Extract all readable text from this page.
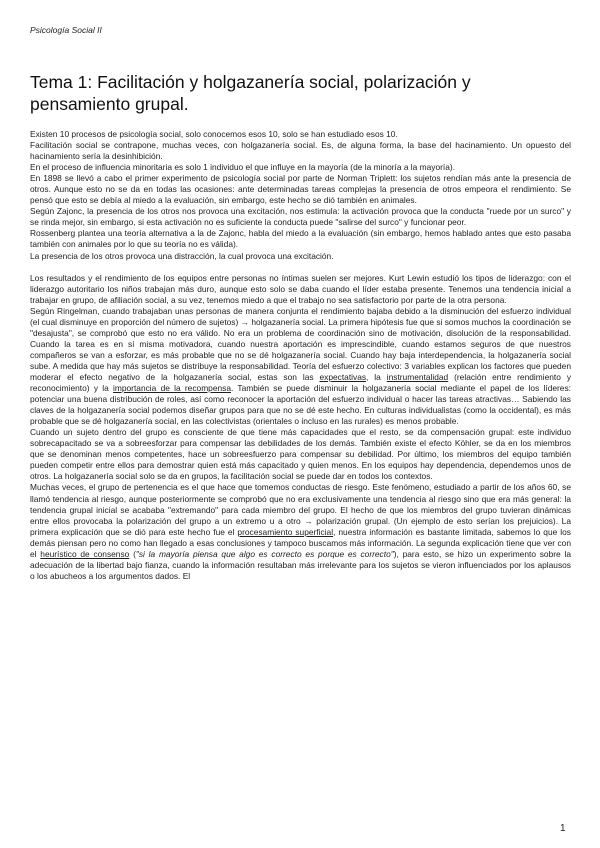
Psicología Social II
Tema 1: Facilitación y holgazanería social, polarización y pensamiento grupal.

Existen 10 procesos de psicología social, solo conocemos esos 10, solo se han estudiado esos 10.

Facilitación social se contrapone, muchas veces, con holgazanería social. Es, de alguna forma, la base del hacinamiento. Un opuesto del hacinamiento sería la desinhibición.

En el proceso de influencia minoritaria es solo 1 individuo el que influye en la mayoría (de la minoría a la mayoría).

En 1898 se llevó a cabo el primer experimento de psicología social por parte de Norman Triplett: los sujetos rendían más ante la presencia de otros. Aunque esto no se da en todas las ocasiones: ante determinadas tareas complejas la presencia de otros empeora el rendimiento. Se pensó que esto se debía al miedo a la evaluación, sin embargo, este hecho se dió también en animales.

Según Zajonc, la presencia de los otros nos provoca una excitación, nos estimula: la activación provoca que la conducta "ruede por un surco" y se rinda mejor, sin embargo, si esta activación no es suficiente la conducta puede "salirse del surco" y funcionar peor.

Rossenberg plantea una teoría alternativa a la de Zajonc, habla del miedo a la evaluación (sin embargo, hemos hablado antes que esto pasaba también con animales por lo que su teoría no es válida).

La presencia de los otros provoca una distracción, la cual provoca una excitación.

Los resultados y el rendimiento de los equipos entre personas no íntimas suelen ser mejores. Kurt Lewin estudió los tipos de liderazgo: con el liderazgo autoritario los niños trabajan más duro, aunque esto solo se daba cuando el líder estaba presente. Tenemos una tendencia inicial a trabajar en grupo, de afiliación social, a su vez, tenemos miedo a que el trabajo no sea satisfactorio por parte de la otra persona.

Según Ringelman, cuando trabajaban unas personas de manera conjunta el rendimiento bajaba debido a la disminución del esfuerzo individual (el cual disminuye en proporción del número de sujetos) → holgazanería social. La primera hipótesis fue que si somos muchos la coordinación se "desajusta", se comprobó que esto no era válido. No era un problema de coordinación sino de motivación, disolución de la responsabilidad. Cuando la tarea es en sí misma motivadora, cuando nuestra aportación es imprescindible, cuando estamos seguros de que nuestros compañeros se van a esforzar, es más probable que no se dé holgazanería social. Cuando hay baja interdependencia, la holgazanería social sube. A medida que hay más sujetos se distribuye la responsabilidad. Teoría del esfuerzo colectivo: 3 variables explican los factores que pueden moderar el efecto negativo de la holgazanería social, estas son las expectativas, la instrumentalidad (relación entre rendimiento y reconocimiento) y la importancia de la recompensa. También se puede disminuir la holgazanería social mediante el papel de los líderes: potenciar una buena distribución de roles, así como reconocer la aportación del esfuerzo individual o hacer las tareas atractivas… Sabiendo las claves de la holgazanería social podemos diseñar grupos para que no se dé este hecho. En culturas individualistas (como la occidental), es más probable que se dé holgazanería social, en las colectivistas (orientales o incluso en las rurales) es menos probable.

Cuando un sujeto dentro del grupo es consciente de que tiene más capacidades que el resto, se da compensación grupal: este individuo sobrecapacitado se va a sobreesforzar para compensar las debilidades de los demás. También existe el efecto Köhler, se da en los miembros que se denominan menos competentes, hace un sobreesfuerzo para compensar su debilidad. Por último, los miembros del equipo también pueden competir entre ellos para demostrar quien está más capacitado y quien menos. En los equipos hay dependencia, dependemos unos de otros. La holgazanería social solo se da en grupos, la facilitación social se puede dar en todos los contextos.

Muchas veces, el grupo de pertenencia es el que hace que tomemos conductas de riesgo. Este fenómeno, estudiado a partir de los años 60, se llamó tendencia al riesgo, aunque posteriormente se comprobó que no era exclusivamente una tendencia al riesgo sino que era más general: la tendencia grupal inicial se acababa "extremando" para cada miembro del grupo. El hecho de que los miembros del grupo tuvieran dinámicas entre ellos provocaba la polarización del grupo a un extremo u a otro → polarización grupal. (Un ejemplo de esto serían los prejuicios). La primera explicación que se dió para este hecho fue el procesamiento superficial, nuestra información es bastante limitada, sabemos lo que los demás piensan pero no como han llegado a esas conclusiones y tampoco buscamos más información. La segunda explicación tiene que ver con el heurístico de consenso ("si la mayoría piensa que algo es correcto es porque es correcto"), para esto, se hizo un experimento sobre la adecuación de la libertad bajo fianza, cuando la información resultaban más irrelevante para los sujetos se vieron influenciados por los aplausos o los abucheos a los argumentos dados. El

1
